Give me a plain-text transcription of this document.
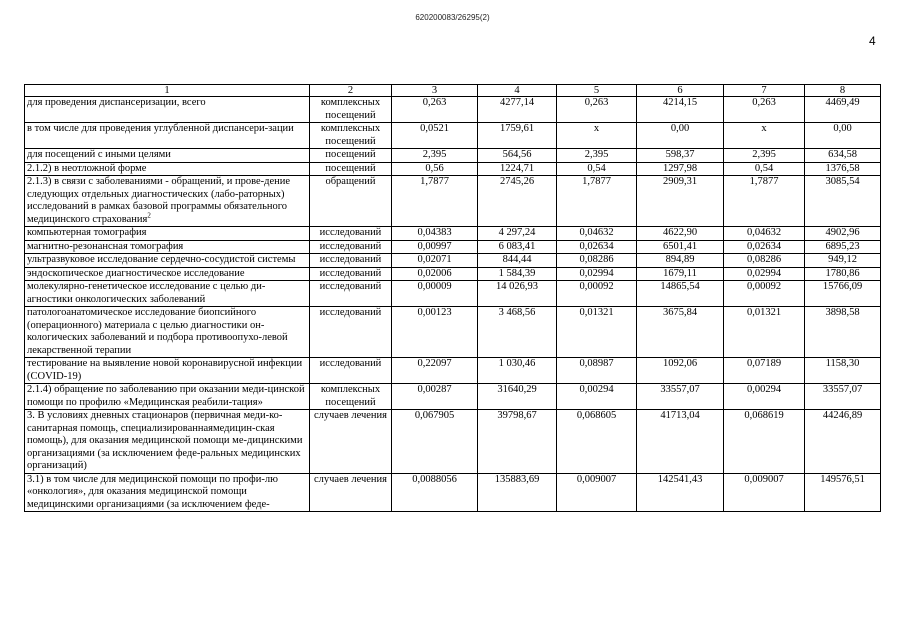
620200083/26295(2)
4
1	2	3	4	5	6	7	8
для проведения диспансеризации, всего	комплексных посещений	0,263	4277,14	0,263	4214,15	0,263	4469,49
в том числе для проведения углубленной диспансери-зации	комплексных посещений	0,0521	1759,61	х	0,00	х	0,00
для посещений с иными целями	посещений	2,395	564,56	2,395	598,37	2,395	634,58
2.1.2) в неотложной форме	посещений	0,56	1224,71	0,54	1297,98	0,54	1376,58
2.1.3) в связи с заболеваниями - обращений, и прове-дение следующих отдельных диагностических (лабо-раторных) исследований в рамках базовой программы обязательного медицинского страхования$^2$	обращений	1,7877	2745,26	1,7877	2909,31	1,7877	3085,54
компьютерная томография	исследований	0,04383	4 297,24	0,04632	4622,90	0,04632	4902,96
магнитно-резонансная томография	исследований	0,00997	6 083,41	0,02634	6501,41	0,02634	6895,23
ультразвуковое исследование сердечно-сосудистой системы	исследований	0,02071	844,44	0,08286	894,89	0,08286	949,12
эндоскопическое диагностическое исследование	исследований	0,02006	1 584,39	0,02994	1679,11	0,02994	1780,86
молекулярно-генетическое исследование с целью ди-агностики онкологических заболеваний	исследований	0,00009	14 026,93	0,00092	14865,54	0,00092	15766,09
патологоанатомическое исследование биопсийного (операционного) материала с целью диагностики он-кологических заболеваний и подбора противоопухо-левой лекарственной терапии	исследований	0,00123	3 468,56	0,01321	3675,84	0,01321	3898,58
тестирование на выявление новой коронавирусной инфекции (COVID-19)	исследований	0,22097	1 030,46	0,08987	1092,06	0,07189	1158,30
2.1.4) обращение по заболеванию при оказании меди-цинской помощи по профилю «Медицинская реабили-тация»	комплексных посещений	0,00287	31640,29	0,00294	33557,07	0,00294	33557,07
3. В условиях дневных стационаров (первичная меди-ко-санитарная помощь, специализированнаямедицин-ская помощь), для оказания медицинской помощи ме-дицинскими организациями (за исключением феде-ральных медицинских организаций)	случаев лечения	0,067905	39798,67	0,068605	41713,04	0,068619	44246,89
3.1) в том числе для медицинской помощи по профи-лю «онкология», для оказания медицинской помощи медицинскими организациями (за исключением феде-	случаев лечения	0,0088056	135883,69	0,009007	142541,43	0,009007	149576,51
